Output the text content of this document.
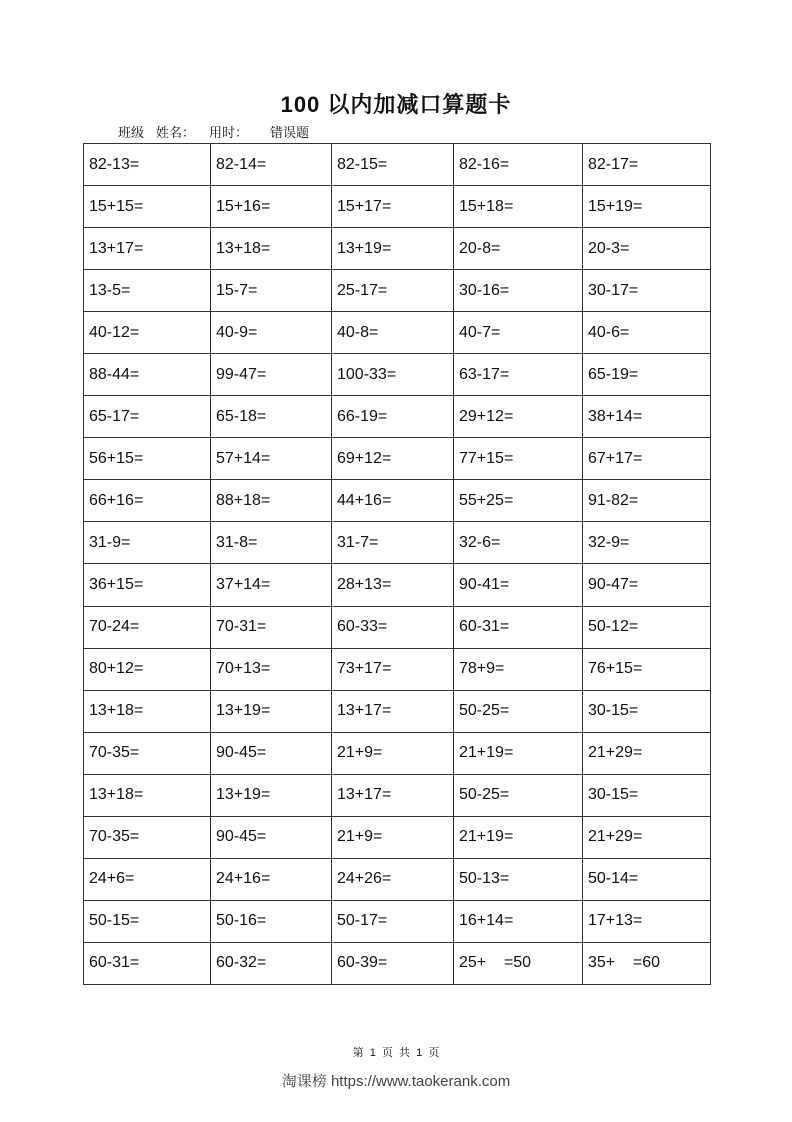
100 以内加减口算题卡
班级 姓名： 用时： 错误题
82-13=	82-14=	82-15=	82-16=	82-17=
15+15=	15+16=	15+17=	15+18=	15+19=
13+17=	13+18=	13+19=	20-8=	20-3=
13-5=	15-7=	25-17=	30-16=	30-17=
40-12=	40-9=	40-8=	40-7=	40-6=
88-44=	99-47=	100-33=	63-17=	65-19=
65-17=	65-18=	66-19=	29+12=	38+14=
56+15=	57+14=	69+12=	77+15=	67+17=
66+16=	88+18=	44+16=	55+25=	91-82=
31-9=	31-8=	31-7=	32-6=	32-9=
36+15=	37+14=	28+13=	90-41=	90-47=
70-24=	70-31=	60-33=	60-31=	50-12=
80+12=	70+13=	73+17=	78+9=	76+15=
13+18=	13+19=	13+17=	50-25=	30-15=
70-35=	90-45=	21+9=	21+19=	21+29=
13+18=	13+19=	13+17=	50-25=	30-15=
70-35=	90-45=	21+9=	21+19=	21+29=
24+6=	24+16=	24+26=	50-13=	50-14=
50-15=	50-16=	50-17=	16+14=	17+13=
60-31=	60-32=	60-39=	25+    =50	35+    =60
第  1  页  共  1  页
淘课榜 https://www.taokerank.com
